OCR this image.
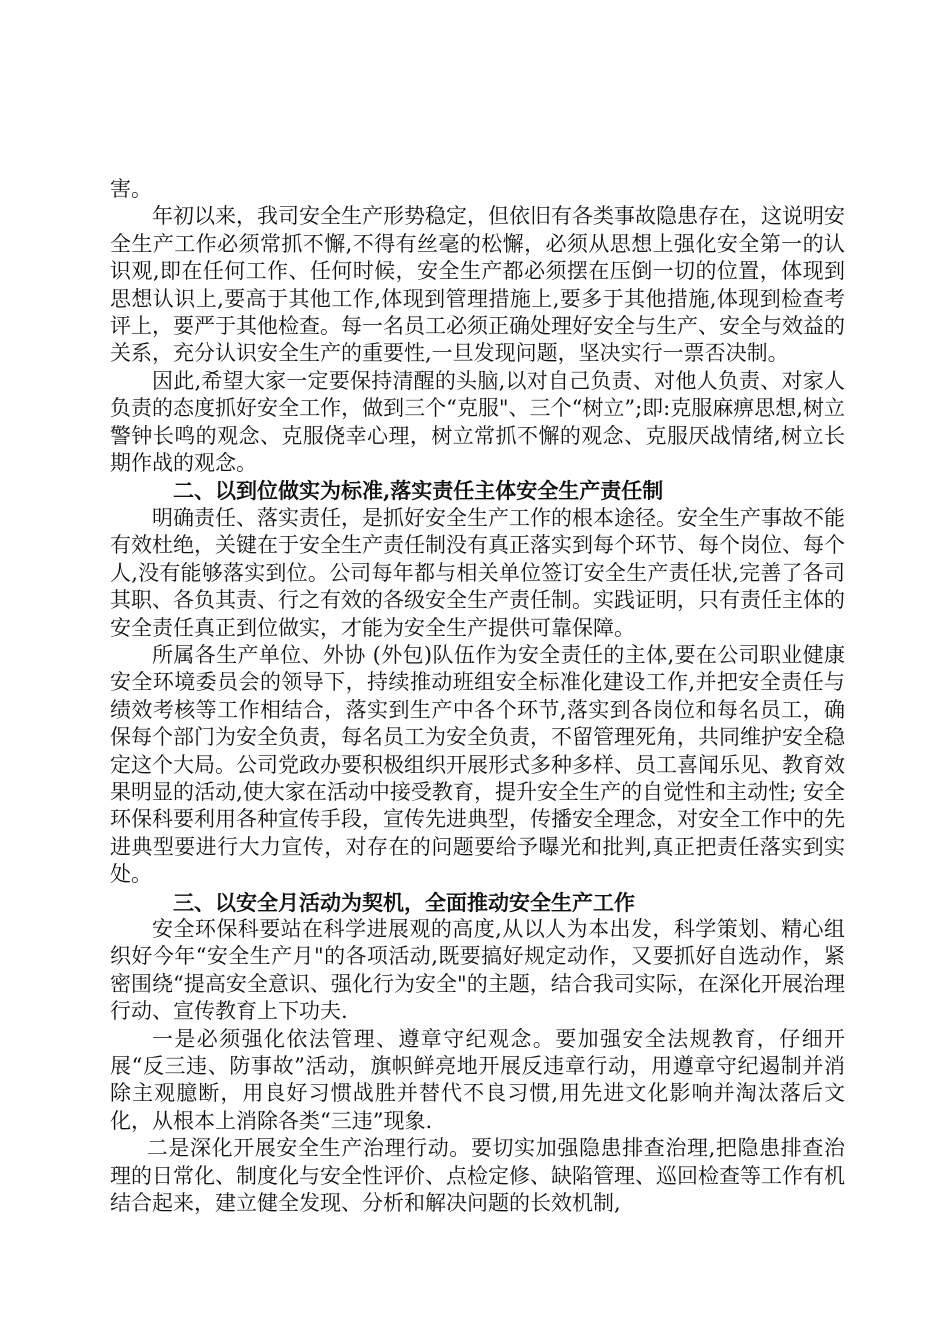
害。

年初以来，我司安全生产形势稳定，但依旧有各类事故隐患存在，这说明安全生产工作必须常抓不懈,不得有丝毫的松懈，必须从思想上强化安全第一的认识观,即在任何工作、任何时候，安全生产都必须摆在压倒一切的位置，体现到思想认识上,要高于其他工作,体现到管理措施上,要多于其他措施,体现到检查考评上，要严于其他检查。每一名员工必须正确处理好安全与生产、安全与效益的关系，充分认识安全生产的重要性,一旦发现问题，坚决实行一票否决制。

因此,希望大家一定要保持清醒的头脑,以对自己负责、对他人负责、对家人负责的态度抓好安全工作，做到三个“克服"、三个“树立”;即:克服麻痹思想,树立警钟长鸣的观念、克服侥幸心理，树立常抓不懈的观念、克服厌战情绪,树立长期作战的观念。

二、以到位做实为标准,落实责任主体安全生产责任制

明确责任、落实责任，是抓好安全生产工作的根本途径。安全生产事故不能有效杜绝，关键在于安全生产责任制没有真正落实到每个环节、每个岗位、每个人,没有能够落实到位。公司每年都与相关单位签订安全生产责任状,完善了各司其职、各负其责、行之有效的各级安全生产责任制。实践证明，只有责任主体的安全责任真正到位做实，才能为安全生产提供可靠保障。

所属各生产单位、外协 (外包)队伍作为安全责任的主体,要在公司职业健康安全环境委员会的领导下，持续推动班组安全标准化建设工作,并把安全责任与绩效考核等工作相结合，落实到生产中各个环节,落实到各岗位和每名员工，确保每个部门为安全负责，每名员工为安全负责，不留管理死角，共同维护安全稳定这个大局。公司党政办要积极组织开展形式多种多样、员工喜闻乐见、教育效果明显的活动,使大家在活动中接受教育，提升安全生产的自觉性和主动性; 安全环保科要利用各种宣传手段，宣传先进典型，传播安全理念，对安全工作中的先进典型要进行大力宣传，对存在的问题要给予曝光和批判,真正把责任落实到实处。

三、以安全月活动为契机，全面推动安全生产工作

安全环保科要站在科学进展观的高度,从以人为本出发，科学策划、精心组织好今年“安全生产月"的各项活动,既要搞好规定动作，又要抓好自选动作，紧密围绕“提高安全意识、强化行为安全"的主题，结合我司实际，在深化开展治理行动、宣传教育上下功夫.

一是必须强化依法管理、遵章守纪观念。要加强安全法规教育，仔细开展“反三违、防事故”活动，旗帜鲜亮地开展反违章行动，用遵章守纪遏制并消除主观臆断，用良好习惯战胜并替代不良习惯,用先进文化影响并淘汰落后文化，从根本上消除各类“三违”现象.

二是深化开展安全生产治理行动。要切实加强隐患排查治理,把隐患排查治理的日常化、制度化与安全性评价、点检定修、缺陷管理、巡回检查等工作有机结合起来，建立健全发现、分析和解决问题的长效机制,
